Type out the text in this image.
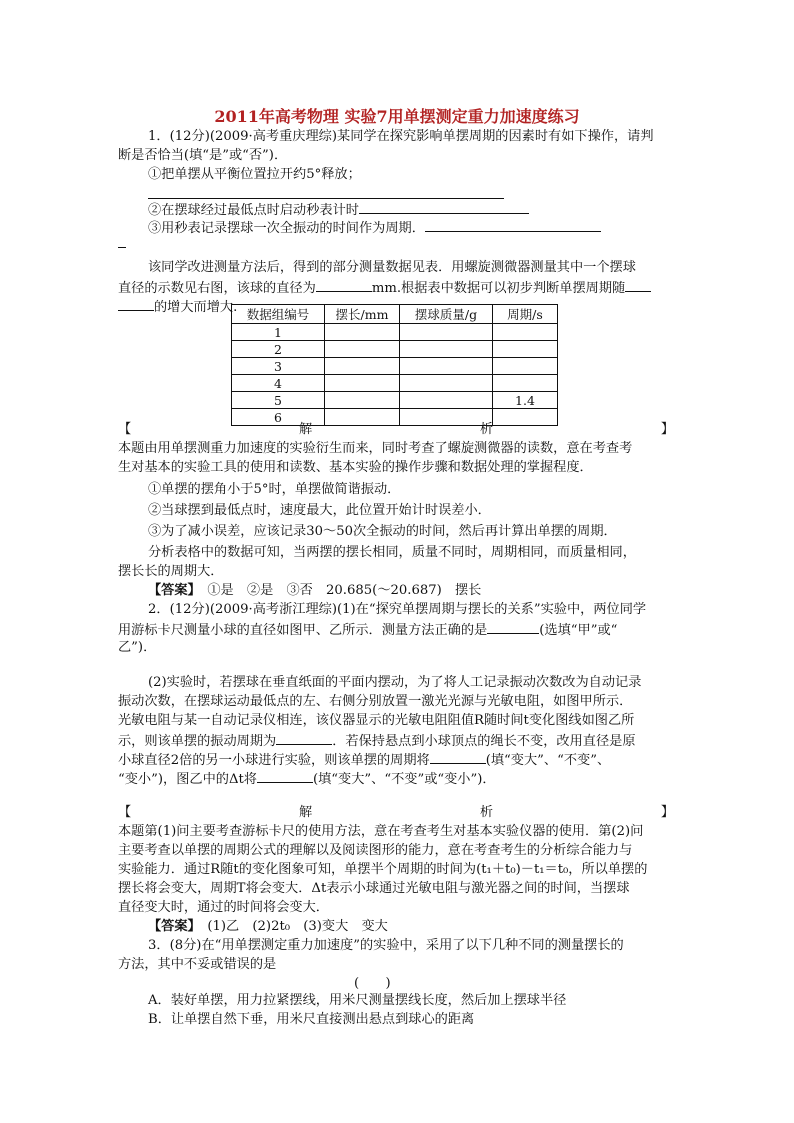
2011年高考物理 实验7用单摆测定重力加速度练习
1．(12分)(2009·高考重庆理综)某同学在探究影响单摆周期的因素时有如下操作，请判
断是否恰当(填“是”或“否”)．
①把单摆从平衡位置拉开约5°释放；
②在摆球经过最低点时启动秒表计时
③用秒表记录摆球一次全振动的时间作为周期．
该同学改进测量方法后，得到的部分测量数据见表．用螺旋测微器测量其中一个摆球
直径的示数见右图，该球的直径为	mm.根据表中数据可以初步判断单摆周期随
的增大而增大. 数据组编号	摆长/mm	摆球质量/g	周期/s
1			
2			
3			
4			
5			1.4
6			
【	解	析	】
本题由用单摆测重力加速度的实验衍生而来，同时考查了螺旋测微器的读数，意在考查考
生对基本的实验工具的使用和读数、基本实验的操作步骤和数据处理的掌握程度．
①单摆的摆角小于5°时，单摆做简谐振动．
②当球摆到最低点时，速度最大，此位置开始计时误差小．
③为了减小误差，应该记录30～50次全振动的时间，然后再计算出单摆的周期．
分析表格中的数据可知，当两摆的摆长相同，质量不同时，周期相同，而质量相同，
摆长长的周期大．
【答案】　 ①是　②是　③否　20.685(～20.687)　摆长
2．(12分)(2009·高考浙江理综)(1)在“探究单摆周期与摆长的关系”实验中，两位同学
用游标卡尺测量小球的直径如图甲、乙所示．测量方法正确的是	(选填“甲”或“
乙”)．
(2)实验时，若摆球在垂直纸面的平面内摆动，为了将人工记录振动次数改为自动记录
振动次数，在摆球运动最低点的左、右侧分别放置一激光光源与光敏电阻，如图甲所示．
光敏电阻与某一自动记录仪相连，该仪器显示的光敏电阻阻值R随时间t变化图线如图乙所
示，则该单摆的振动周期为	．若保持悬点到小球顶点的绳长不变，改用直径是原
小球直径2倍的另一小球进行实验，则该单摆的周期将	(填“变大”、“不变”、
“变小”)，图乙中的Δt将	(填“变大”、“不变”或“变小”)．
【	解	析	】
本题第(1)问主要考查游标卡尺的使用方法，意在考查考生对基本实验仪器的使用．第(2)问
主要考查以单摆的周期公式的理解以及阅读图形的能力，意在考查考生的分析综合能力与
实验能力．通过R随t的变化图象可知，单摆半个周期的时间为(t₁＋t₀)－t₁＝t₀，所以单摆的
摆长将会变大，周期T将会变大．Δt表示小球通过光敏电阻与激光器之间的时间，当摆球
直径变大时，通过的时间将会变大．
【答案】　 (1)乙　(2)2t₀　(3)变大　变大
3．(8分)在“用单摆测定重力加速度”的实验中，采用了以下几种不同的测量摆长的
方法，其中不妥或错误的是
(　　)
A．装好单摆，用力拉紧摆线，用米尺测量摆线长度，然后加上摆球半径
B．让单摆自然下垂，用米尺直接测出悬点到球心的距离
